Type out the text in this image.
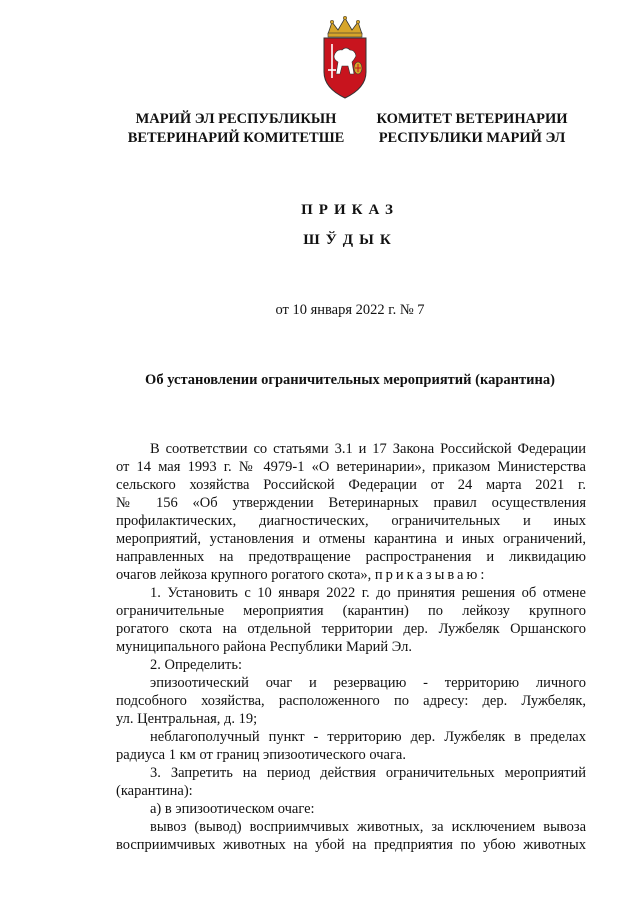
МАРИЙ ЭЛ РЕСПУБЛИКЫН
ВЕТЕРИНАРИЙ КОМИТЕТШЕ
КОМИТЕТ ВЕТЕРИНАРИИ
РЕСПУБЛИКИ МАРИЙ ЭЛ
ПРИКАЗ
ШЎДЫК
от 10 января 2022 г. № 7
Об установлении ограничительных мероприятий (карантина)

В соответствии со статьями 3.1 и 17 Закона Российской Федерации

от 14 мая 1993 г. № 4979-1 «О ветеринарии», приказом Министерства

сельского хозяйства Российской Федерации от 24 марта 2021 г.

№ 156 «Об утверждении Ветеринарных правил осуществления

профилактических, диагностических, ограничительных и иных

мероприятий, установления и отмены карантина и иных ограничений,

направленных на предотвращение распространения и ликвидацию

очагов лейкоза крупного рогатого скота», приказываю:

1. Установить с 10 января 2022 г. до принятия решения об отмене

ограничительные мероприятия (карантин) по лейкозу крупного

рогатого скота на отдельной территории дер. Лужбеляк Оршанского

муниципального района Республики Марий Эл.

2. Определить:

эпизоотический очаг и резервацию - территорию личного

подсобного хозяйства, расположенного по адресу: дер. Лужбеляк,

ул. Центральная, д. 19;

неблагополучный пункт - территорию дер. Лужбеляк в пределах

радиуса 1 км от границ эпизоотического очага.

3. Запретить на период действия ограничительных мероприятий

(карантина):

а) в эпизоотическом очаге:

вывоз (вывод) восприимчивых животных, за исключением вывоза

восприимчивых животных на убой на предприятия по убою животных
